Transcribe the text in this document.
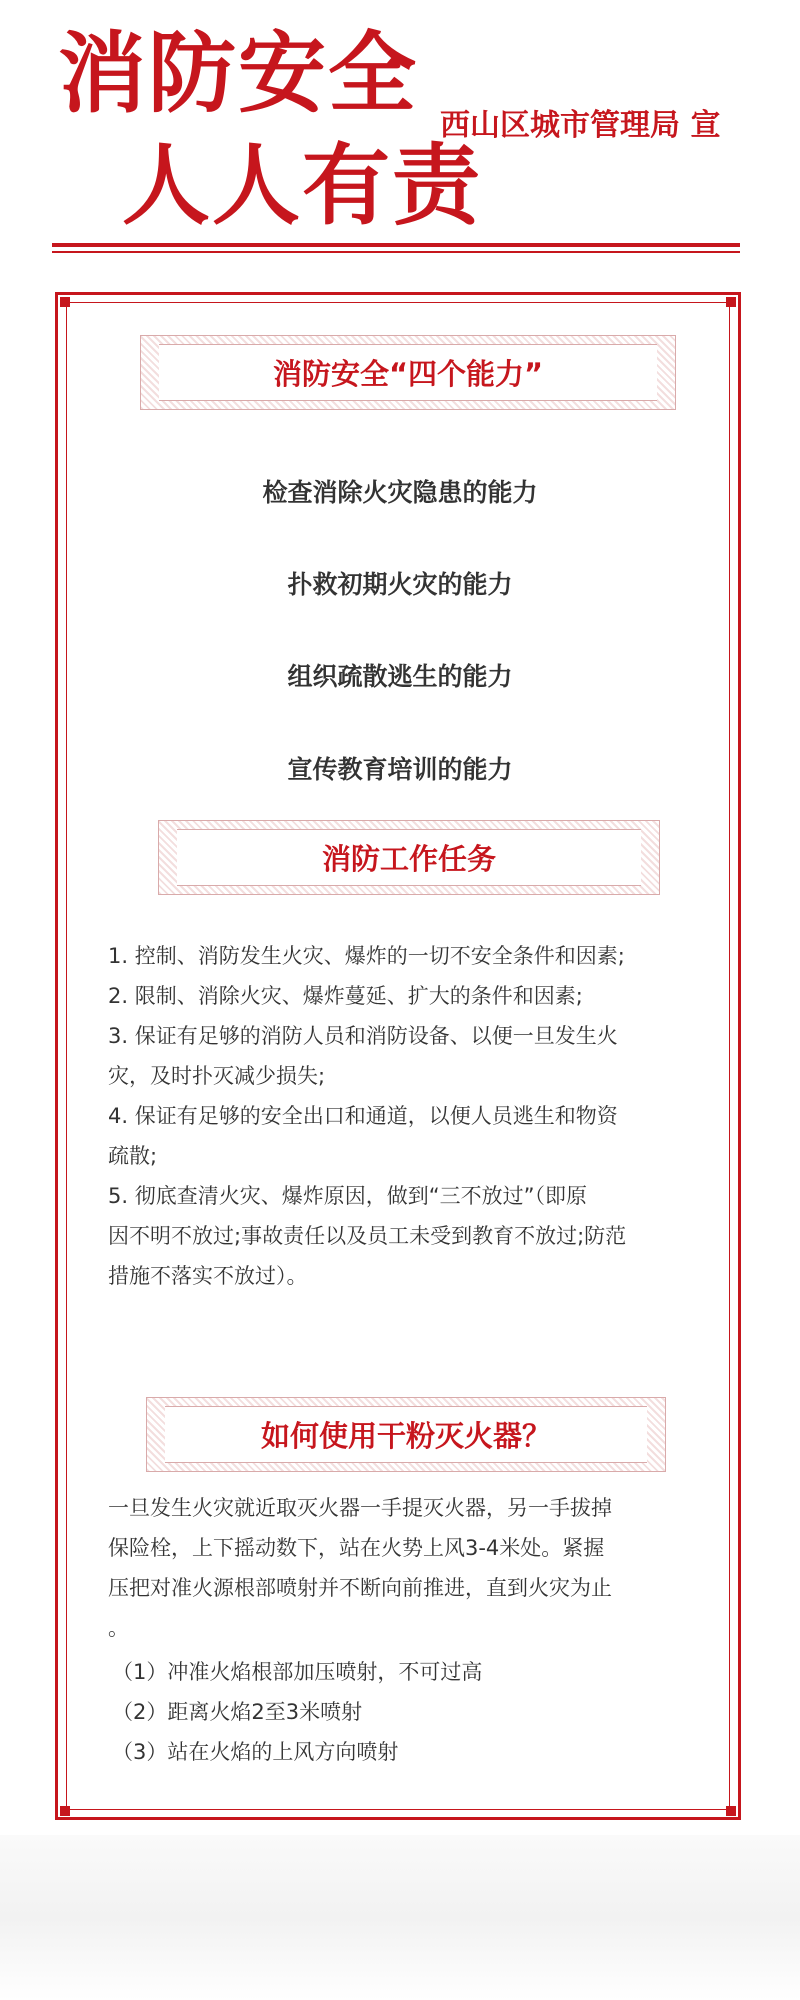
消防安全
人人有责
西山区城市管理局 宣
消防安全“四个能力”
检查消除火灾隐患的能力
扑救初期火灾的能力
组织疏散逃生的能力
宣传教育培训的能力
消防工作任务
1. 控制、消防发生火灾、爆炸的一切不安全条件和因素;
2. 限制、消除火灾、爆炸蔓延、扩大的条件和因素;
3. 保证有足够的消防人员和消防设备、以便一旦发生火
灾，及时扑灭减少损失;
4. 保证有足够的安全出口和通道，以便人员逃生和物资
疏散;
5. 彻底查清火灾、爆炸原因，做到“三不放过”（即原
因不明不放过;事故责任以及员工未受到教育不放过;防范
措施不落实不放过）。
如何使用干粉灭火器？
一旦发生火灾就近取灭火器一手提灭火器，另一手拔掉
保险栓，上下摇动数下，站在火势上风3-4米处。紧握
压把对准火源根部喷射并不断向前推进，直到火灾为止
。
（1）冲准火焰根部加压喷射，不可过高
（2）距离火焰2至3米喷射
（3）站在火焰的上风方向喷射
